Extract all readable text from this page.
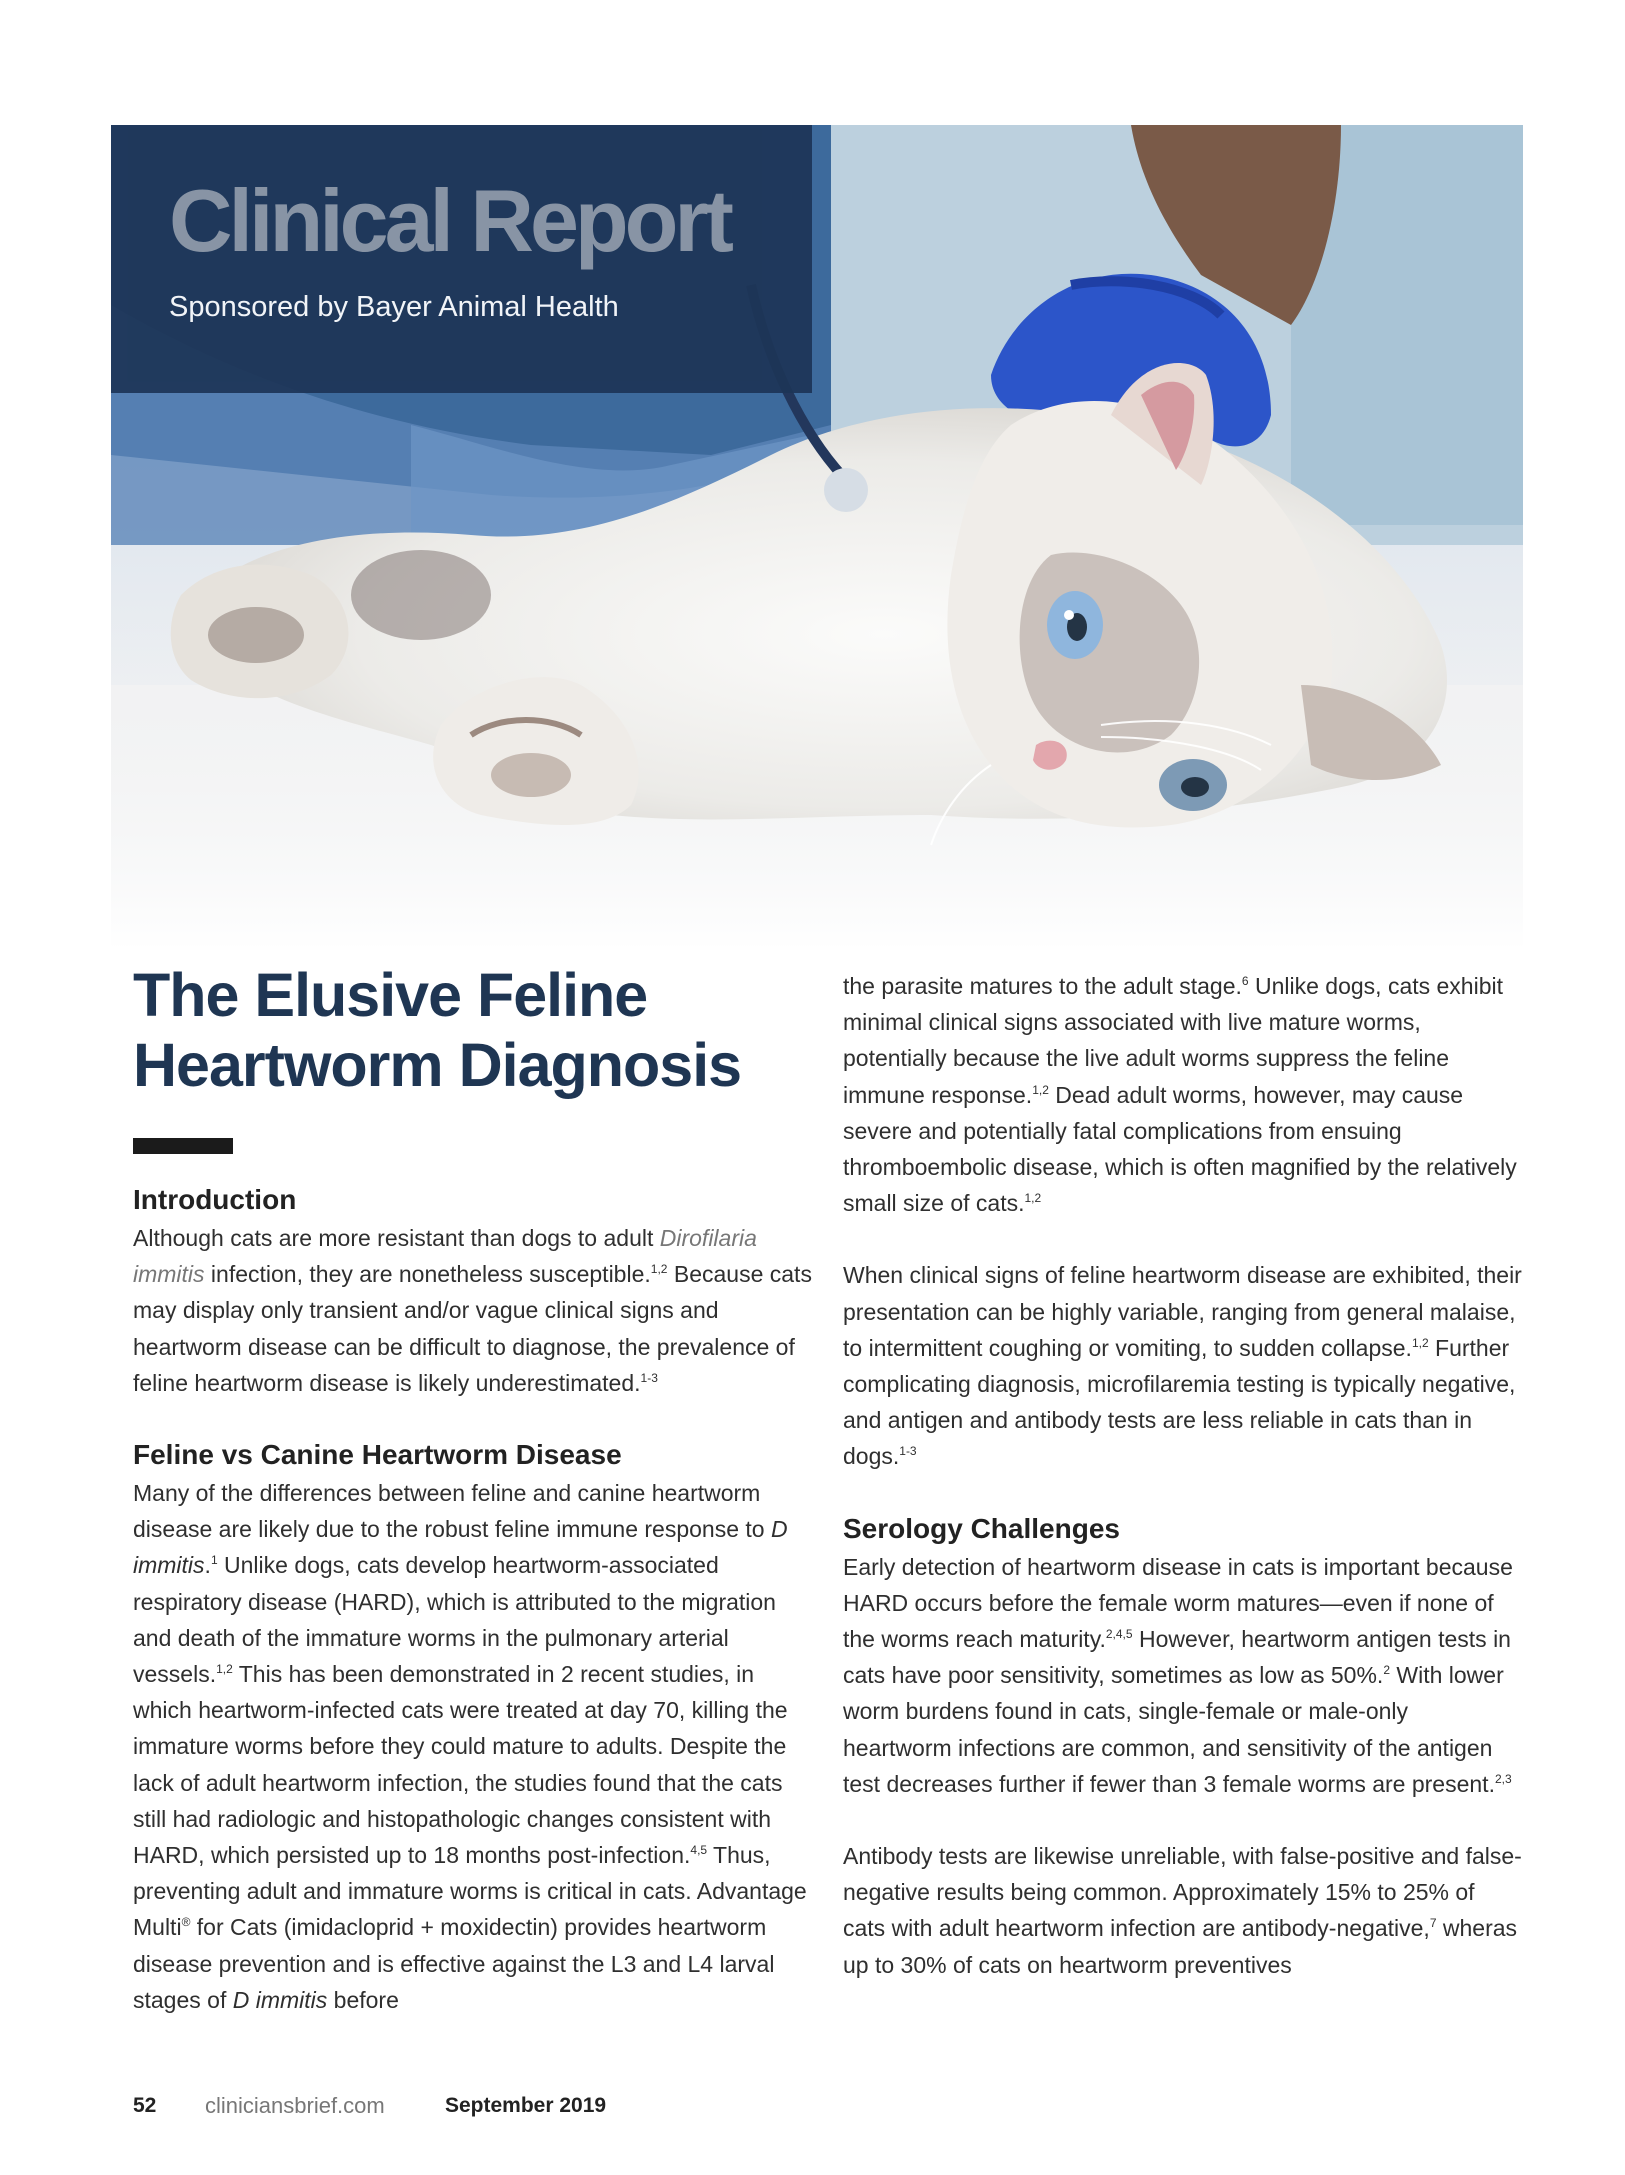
Clinical Report
Sponsored by Bayer Animal Health
The Elusive Feline
Heartworm Diagnosis
Introduction

Although cats are more resistant than dogs to adult Dirofilaria immitis infection, they are nonetheless susceptible.$^{1,2}$ Because cats may display only transient and/or vague clinical signs and heartworm disease can be difficult to diagnose, the prevalence of feline heartworm disease is likely underestimated.$^{1-3}$

Feline vs Canine Heartworm Disease

Many of the differences between feline and canine heartworm disease are likely due to the robust feline immune response to D immitis.$^1$ Unlike dogs, cats develop heartworm-associated respiratory disease (HARD), which is attributed to the migration and death of the immature worms in the pulmonary arterial vessels.$^{1,2}$ This has been demonstrated in 2 recent studies, in which heartworm-infected cats were treated at day 70, killing the immature worms before they could mature to adults. Despite the lack of adult heartworm infection, the studies found that the cats still had radiologic and histopathologic changes consistent with HARD, which persisted up to 18 months post-infection.$^{4,5}$ Thus, preventing adult and immature worms is critical in cats. Advantage Multi® for Cats (imidacloprid + moxidectin) provides heartworm disease prevention and is effective against the L3 and L4 larval stages of D immitis before

the parasite matures to the adult stage.$^6$ Unlike dogs, cats exhibit minimal clinical signs associated with live mature worms, potentially because the live adult worms suppress the feline immune response.$^{1,2}$ Dead adult worms, however, may cause severe and potentially fatal complications from ensuing thromboembolic disease, which is often magnified by the relatively small size of cats.$^{1,2}$

When clinical signs of feline heartworm disease are exhibited, their presentation can be highly variable, ranging from general malaise, to intermittent coughing or vomiting, to sudden collapse.$^{1,2}$ Further complicating diagnosis, microfilaremia testing is typically negative, and antigen and antibody tests are less reliable in cats than in dogs.$^{1-3}$

Serology Challenges

Early detection of heartworm disease in cats is important because HARD occurs before the female worm matures—even if none of the worms reach maturity.$^{2,4,5}$ However, heartworm antigen tests in cats have poor sensitivity, sometimes as low as 50%.$^2$ With lower worm burdens found in cats, single-female or male-only heartworm infections are common, and sensitivity of the antigen test decreases further if fewer than 3 female worms are present.$^{2,3}$

Antibody tests are likewise unreliable, with false-positive and false-negative results being common. Approximately 15% to 25% of cats with adult heartworm infection are antibody-negative,$^7$ wheras up to 30% of cats on heartworm preventives

52 cliniciansbrief.com	September 2019
